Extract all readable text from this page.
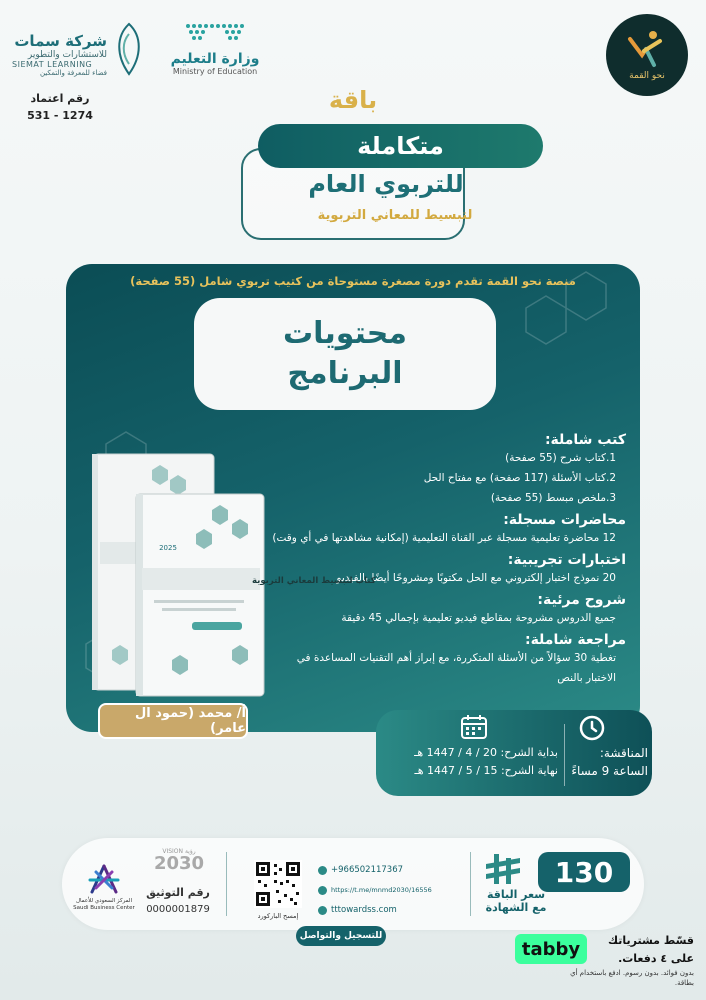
نحو القمة
وزارة التعليم
Ministry of Education
شركة سمات
للاستشارات والتطوير
SIEMAT LEARNING
فضاء للمعرفة والتمكين
رقم اعتماد
531 - 1274
باقة
متكاملة
للتربوي العام
لتبسيط للمعاني التربوية
منصة نحو القمة تقدم دورة مصغرة مستوحاة من كتيب تربوي شامل (55 صفحة)
محتويات
البرنامج
كتب شاملة:
1.كتاب شرح (55 صفحة)
2.كتاب الأسئلة (117 صفحة) مع مفتاح الحل
3.ملخص مبسط (55 صفحة)
محاضرات مسجلة:
12 محاضرة تعليمية مسجلة عبر القناة التعليمية (إمكانية مشاهدتها في أي وقت)
اختبارات تجريبية:
20 نموذج اختبار إلكتروني مع الحل مكتوبًا ومشروحًا أيضًا بالفيديو
شروح مرئية:
جميع الدروس مشروحة بمقاطع فيديو تعليمية بإجمالي 45 دقيقة
مراجعة شاملة:
تغطية 30 سؤالاً من الأسئلة المتكررة، مع إبراز أهم التقنيات المساعدة في الاختبار بالنص
2025
كتاب لتبسيط المعاني التربوية
أ/ محمد (حمود ال عامر)
المناقشة:
الساعة 9 مساءً
بداية الشرح: 20 / 4 / 1447 هـ
نهاية الشرح: 15 / 5 / 1447 هـ
130
سعر الباقة
مع الشهادة
+966502117367
https://t.me/mnmd2030/16556
tttowardss.com
إمسح الباركورد
للتسجيل والتواصل
VISION رؤية
2030
رقم التوثيق
0000001879
المركز السعودي للأعمال Saudi Business Center
tabby	قسّط مشترياتك
على ٤ دفعات.
بدون فوائد. بدون رسوم. ادفع باستخدام أي بطاقة.
